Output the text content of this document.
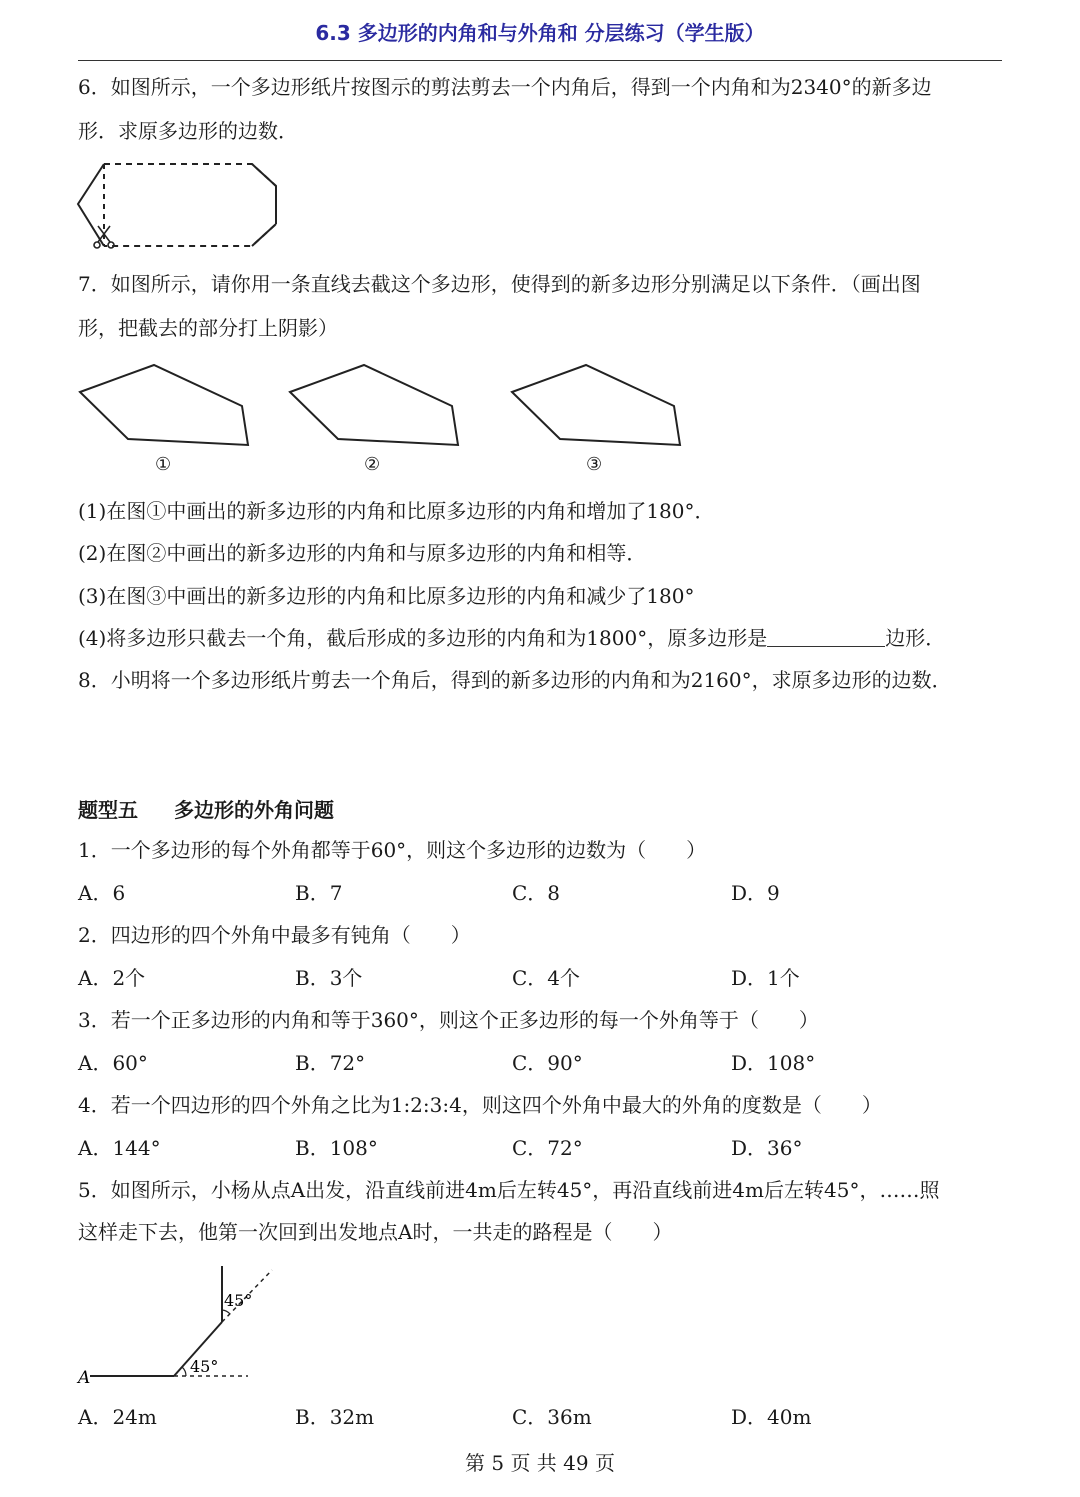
6.3 多边形的内角和与外角和 分层练习（学生版）
6．如图所示，一个多边形纸片按图示的剪法剪去一个内角后，得到一个内角和为2340°的新多边
形．求原多边形的边数．
7．如图所示，请你用一条直线去截这个多边形，使得到的新多边形分别满足以下条件．（画出图
形，把截去的部分打上阴影）
①	②	③
(1)在图①中画出的新多边形的内角和比原多边形的内角和增加了180°．
(2)在图②中画出的新多边形的内角和与原多边形的内角和相等．
(3)在图③中画出的新多边形的内角和比原多边形的内角和减少了180°
(4)将多边形只截去一个角，截后形成的多边形的内角和为1800°，原多边形是	边形．
8．小明将一个多边形纸片剪去一个角后，得到的新多边形的内角和为2160°，求原多边形的边数．
题型五 多边形的外角问题
1．一个多边形的每个外角都等于60°，则这个多边形的边数为（　　）
A．6	B．7	C．8	D．9
2．四边形的四个外角中最多有钝角（　　）
A．2个	B．3个	C．4个	D．1个
3．若一个正多边形的内角和等于360°，则这个正多边形的每一个外角等于（　　）
A．60°	B．72°	C．90°	D．108°
4．若一个四边形的四个外角之比为1:2:3:4，则这四个外角中最大的外角的度数是（　　）
A．144°	B．108°	C．72°	D．36°
5．如图所示，小杨从点A出发，沿直线前进4m后左转45°，再沿直线前进4m后左转45°，……照
这样走下去，他第一次回到出发地点A时，一共走的路程是（　　）
A
45°
45°
A．24m	B．32m	C．36m	D．40m
第 5 页 共 49 页
